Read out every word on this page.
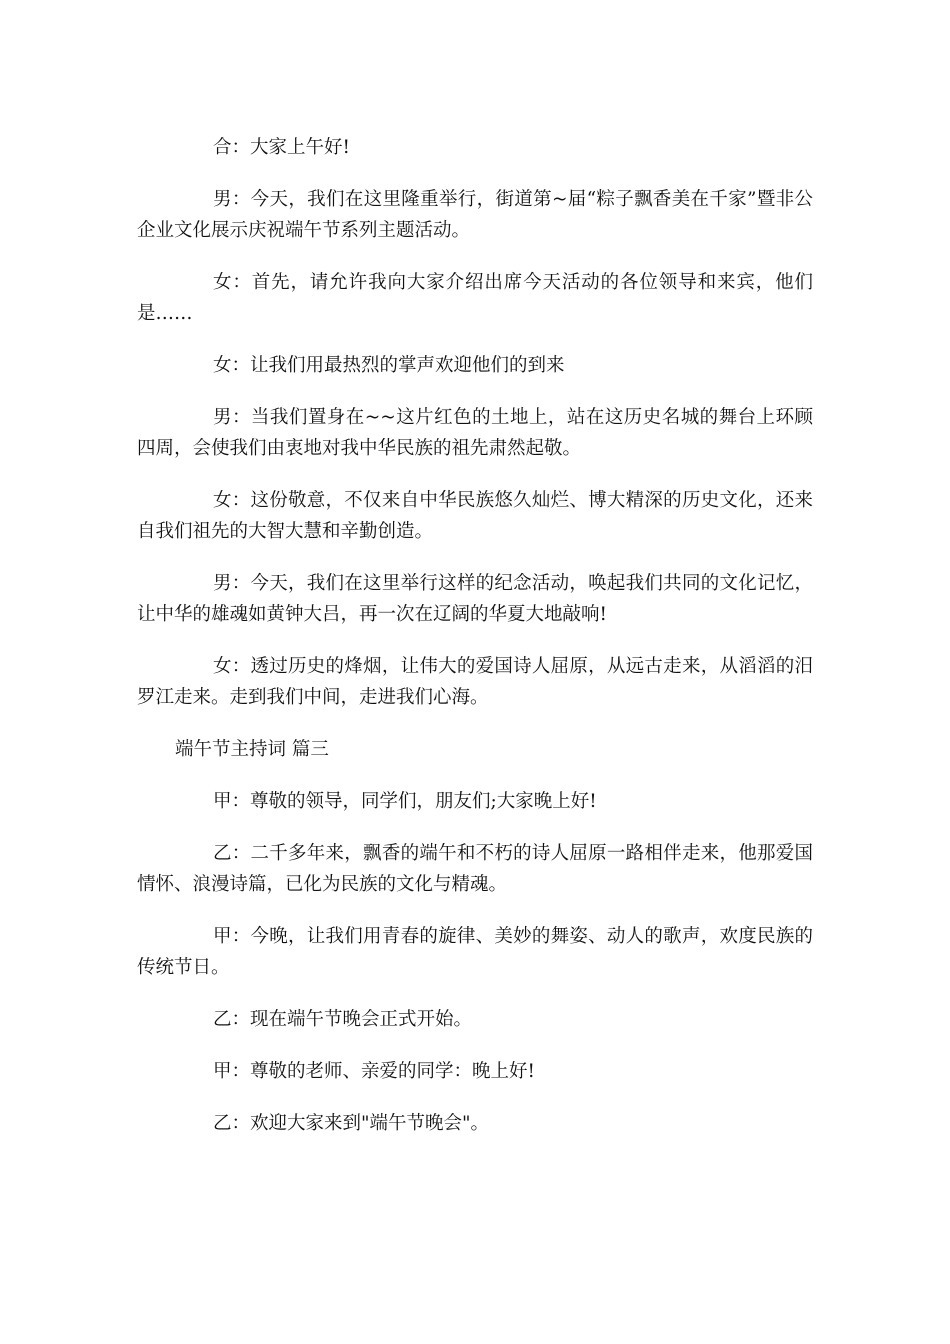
合：大家上午好!

男：今天，我们在这里隆重举行，街道第~届“粽子飘香美在千家”暨非公企业文化展示庆祝端午节系列主题活动。

女：首先，请允许我向大家介绍出席今天活动的各位领导和来宾，他们是……

女：让我们用最热烈的掌声欢迎他们的到来

男：当我们置身在~~这片红色的土地上，站在这历史名城的舞台上环顾四周，会使我们由衷地对我中华民族的祖先肃然起敬。

女：这份敬意，不仅来自中华民族悠久灿烂、博大精深的历史文化，还来自我们祖先的大智大慧和辛勤创造。

男：今天，我们在这里举行这样的纪念活动，唤起我们共同的文化记忆，让中华的雄魂如黄钟大吕，再一次在辽阔的华夏大地敲响!

女：透过历史的烽烟，让伟大的爱国诗人屈原，从远古走来，从滔滔的汨罗江走来。走到我们中间，走进我们心海。

端午节主持词 篇三

甲：尊敬的领导，同学们，朋友们;大家晚上好!

乙：二千多年来，飘香的端午和不朽的诗人屈原一路相伴走来，他那爱国情怀、浪漫诗篇，已化为民族的文化与精魂。

甲：今晚，让我们用青春的旋律、美妙的舞姿、动人的歌声，欢度民族的传统节日。

乙：现在端午节晚会正式开始。

甲：尊敬的老师、亲爱的同学：晚上好!

乙：欢迎大家来到"端午节晚会"。
